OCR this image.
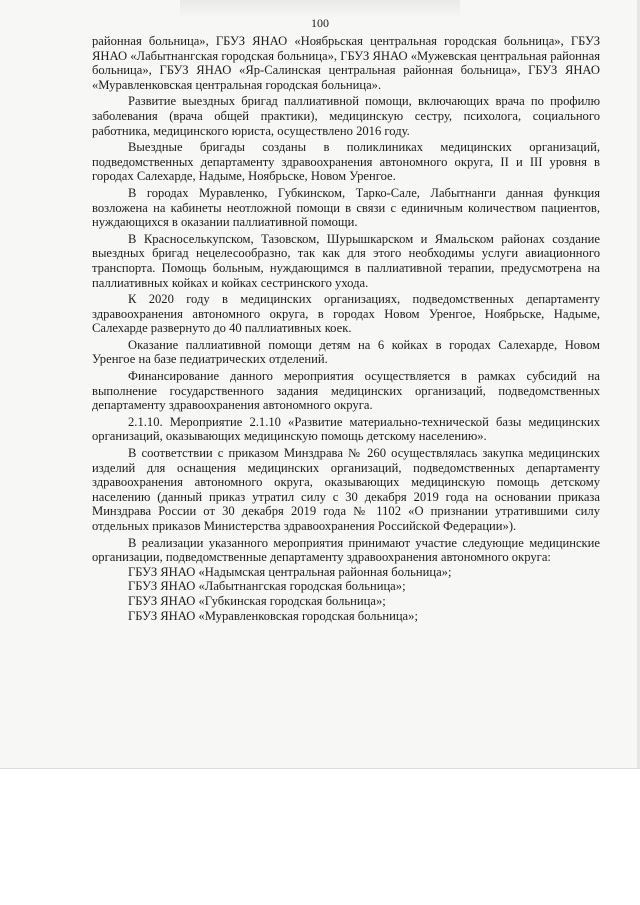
100

районная больница», ГБУЗ ЯНАО «Ноябрьская центральная городская больница», ГБУЗ ЯНАО «Лабытнангская городская больница», ГБУЗ ЯНАО «Мужевская центральная районная больница», ГБУЗ ЯНАО «Яр-Салинская центральная районная больница», ГБУЗ ЯНАО «Муравленковская центральная городская больница».

Развитие выездных бригад паллиативной помощи, включающих врача по профилю заболевания (врача общей практики), медицинскую сестру, психолога, социального работника, медицинского юриста, осуществлено 2016 году.

Выездные бригады созданы в поликлиниках медицинских организаций, подведомственных департаменту здравоохранения автономного округа, II и III уровня в городах Салехарде, Надыме, Ноябрьске, Новом Уренгое.

В городах Муравленко, Губкинском, Тарко-Сале, Лабытнанги данная функция возложена на кабинеты неотложной помощи в связи с единичным количеством пациентов, нуждающихся в оказании паллиативной помощи.

В Красноселькупском, Тазовском, Шурышкарском и Ямальском районах создание выездных бригад нецелесообразно, так как для этого необходимы услуги авиационного транспорта. Помощь больным, нуждающимся в паллиативной терапии, предусмотрена на паллиативных койках и койках сестринского ухода.

К 2020 году в медицинских организациях, подведомственных департаменту здравоохранения автономного округа, в городах Новом Уренгое, Ноябрьске, Надыме, Салехарде развернуто до 40 паллиативных коек.

Оказание паллиативной помощи детям на 6 койках в городах Салехарде, Новом Уренгое на базе педиатрических отделений.

Финансирование данного мероприятия осуществляется в рамках субсидий на выполнение государственного задания медицинских организаций, подведомственных департаменту здравоохранения автономного округа.

2.1.10. Мероприятие 2.1.10 «Развитие материально-технической базы медицинских организаций, оказывающих медицинскую помощь детскому населению».

В соответствии с приказом Минздрава № 260 осуществлялась закупка медицинских изделий для оснащения медицинских организаций, подведомственных департаменту здравоохранения автономного округа, оказывающих медицинскую помощь детскому населению (данный приказ утратил силу с 30 декабря 2019 года на основании приказа Минздрава России от 30 декабря 2019 года № 1102 «О признании утратившими силу отдельных приказов Министерства здравоохранения Российской Федерации»).

В реализации указанного мероприятия принимают участие следующие медицинские организации, подведомственные департаменту здравоохранения автономного округа:

ГБУЗ ЯНАО «Надымская центральная районная больница»;

ГБУЗ ЯНАО «Лабытнангская городская больница»;

ГБУЗ ЯНАО «Губкинская городская больница»;

ГБУЗ ЯНАО «Муравленковская городская больница»;
